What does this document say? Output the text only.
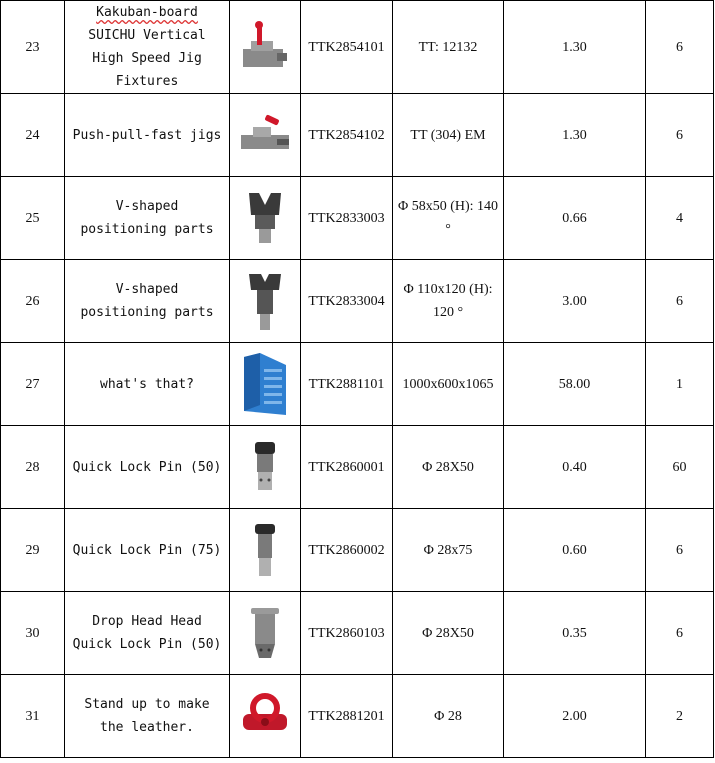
23	Kakuban-board SUICHU Vertical High Speed Jig Fixtures		TTK2854101	TT: 12132	1.30	6
24	Push-pull-fast jigs		TTK2854102	TT (304) EM	1.30	6
25	V-shaped positioning parts		TTK2833003	Φ 58x50 (H): 140 °	0.66	4
26	V-shaped positioning parts		TTK2833004	Φ 110x120 (H): 120 °	3.00	6
27	what's that?		TTK2881101	1000x600x1065	58.00	1
28	Quick Lock Pin (50)		TTK2860001	Φ 28X50	0.40	60
29	Quick Lock Pin (75)		TTK2860002	Φ 28x75	0.60	6
30	Drop Head Head Quick Lock Pin (50)		TTK2860103	Φ 28X50	0.35	6
31	Stand up to make the leather.		TTK2881201	Φ 28	2.00	2
